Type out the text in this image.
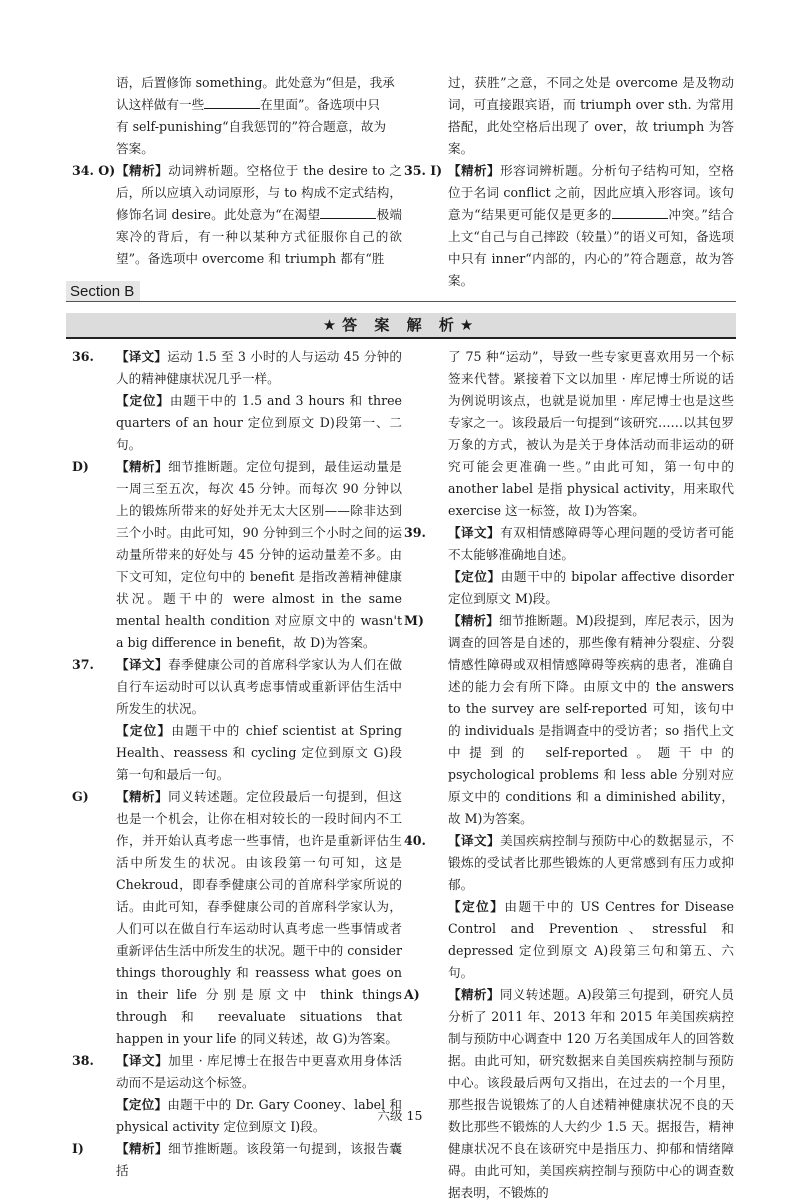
语，后置修饰 something。此处意为“但是，我承
认这样做有一些	在里面”。备选项中只
有 self-punishing“自我惩罚的”符合题意，故为
答案。

34. O) 【精析】动词辨析题。空格位于 the desire to 之后，所以应填入动词原形，与 to 构成不定式结构，修饰名词 desire。此处意为“在渴望	极端寒冷的背后，有一种以某种方式征服你自己的欲望”。备选项中 overcome 和 triumph 都有“胜

过，获胜”之意，不同之处是 overcome 是及物动词，可直接跟宾语，而 triumph over sth. 为常用搭配，此处空格后出现了 over，故 triumph 为答案。

35. I) 【精析】形容词辨析题。分析句子结构可知，空格位于名词 conflict 之前，因此应填入形容词。该句意为“结果更可能仅是更多的	冲突。”结合上文“自己与自己摔跤（较量）”的语义可知，备选项中只有 inner“内部的，内心的”符合题意，故为答案。

Section B
★答 案 解 析★
36.	【译文】运动 1.5 至 3 小时的人与运动 45 分钟的人的精神健康状况几乎一样。

【定位】由题干中的 1.5 and 3 hours 和 three quarters of an hour 定位到原文 D)段第一、二句。

D)	【精析】细节推断题。定位句提到，最佳运动量是一周三至五次，每次 45 分钟。而每次 90 分钟以上的锻炼所带来的好处并无太大区别——除非达到三个小时。由此可知，90 分钟到三个小时之间的运动量所带来的好处与 45 分钟的运动量差不多。由下文可知，定位句中的 benefit 是指改善精神健康状况。题干中的 were almost in the same mental health condition 对应原文中的 wasn't a big difference in benefit，故 D)为答案。

37.	【译文】春季健康公司的首席科学家认为人们在做自行车运动时可以认真考虑事情或重新评估生活中所发生的状况。

【定位】由题干中的 chief scientist at Spring Health、reassess 和 cycling 定位到原文 G)段第一句和最后一句。

G)	【精析】同义转述题。定位段最后一句提到，但这也是一个机会，让你在相对较长的一段时间内不工作，并开始认真考虑一些事情，也许是重新评估生活中所发生的状况。由该段第一句可知，这是 Chekroud，即春季健康公司的首席科学家所说的话。由此可知，春季健康公司的首席科学家认为，人们可以在做自行车运动时认真考虑一些事情或者重新评估生活中所发生的状况。题干中的 consider things thoroughly 和 reassess what goes on in their life 分别是原文中 think things through 和 reevaluate situations that happen in your life 的同义转述，故 G)为答案。

38.	【译文】加里 · 库尼博士在报告中更喜欢用身体活动而不是运动这个标签。

【定位】由题干中的 Dr. Gary Cooney、label 和 physical activity 定位到原文 I)段。

I)	【精析】细节推断题。该段第一句提到，该报告囊括

了 75 种“运动”，导致一些专家更喜欢用另一个标签来代替。紧接着下文以加里 · 库尼博士所说的话为例说明该点，也就是说加里 · 库尼博士也是这些专家之一。该段最后一句提到“该研究……以其包罗万象的方式，被认为是关于身体活动而非运动的研究可能会更准确一些。”由此可知，第一句中的 another label 是指 physical activity，用来取代 exercise 这一标签，故 I)为答案。

39.	【译文】有双相情感障碍等心理问题的受访者可能不太能够准确地自述。

【定位】由题干中的 bipolar affective disorder 定位到原文 M)段。

M)	【精析】细节推断题。M)段提到，库尼表示，因为调查的回答是自述的，那些像有精神分裂症、分裂情感性障碍或双相情感障碍等疾病的患者，准确自述的能力会有所下降。由原文中的 the answers to the survey are self-reported 可知，该句中的 individuals 是指调查中的受访者；so 指代上文中提到的 self-reported。题干中的 psychological problems 和 less able 分别对应原文中的 conditions 和 a diminished ability，故 M)为答案。

40.	【译文】美国疾病控制与预防中心的数据显示，不锻炼的受试者比那些锻炼的人更常感到有压力或抑郁。

【定位】由题干中的 US Centres for Disease Control and Prevention、stressful 和 depressed 定位到原文 A)段第三句和第五、六句。

A)	【精析】同义转述题。A)段第三句提到，研究人员分析了 2011 年、2013 年和 2015 年美国疾病控制与预防中心调查中 120 万名美国成年人的回答数据。由此可知，研究数据来自美国疾病控制与预防中心。该段最后两句又指出，在过去的一个月里，那些报告说锻炼了的人自述精神健康状况不良的天数比那些不锻炼的人大约少 1.5 天。据报告，精神健康状况不良在该研究中是指压力、抑郁和情绪障碍。由此可知，美国疾病控制与预防中心的调查数据表明，不锻炼的

六级 15
